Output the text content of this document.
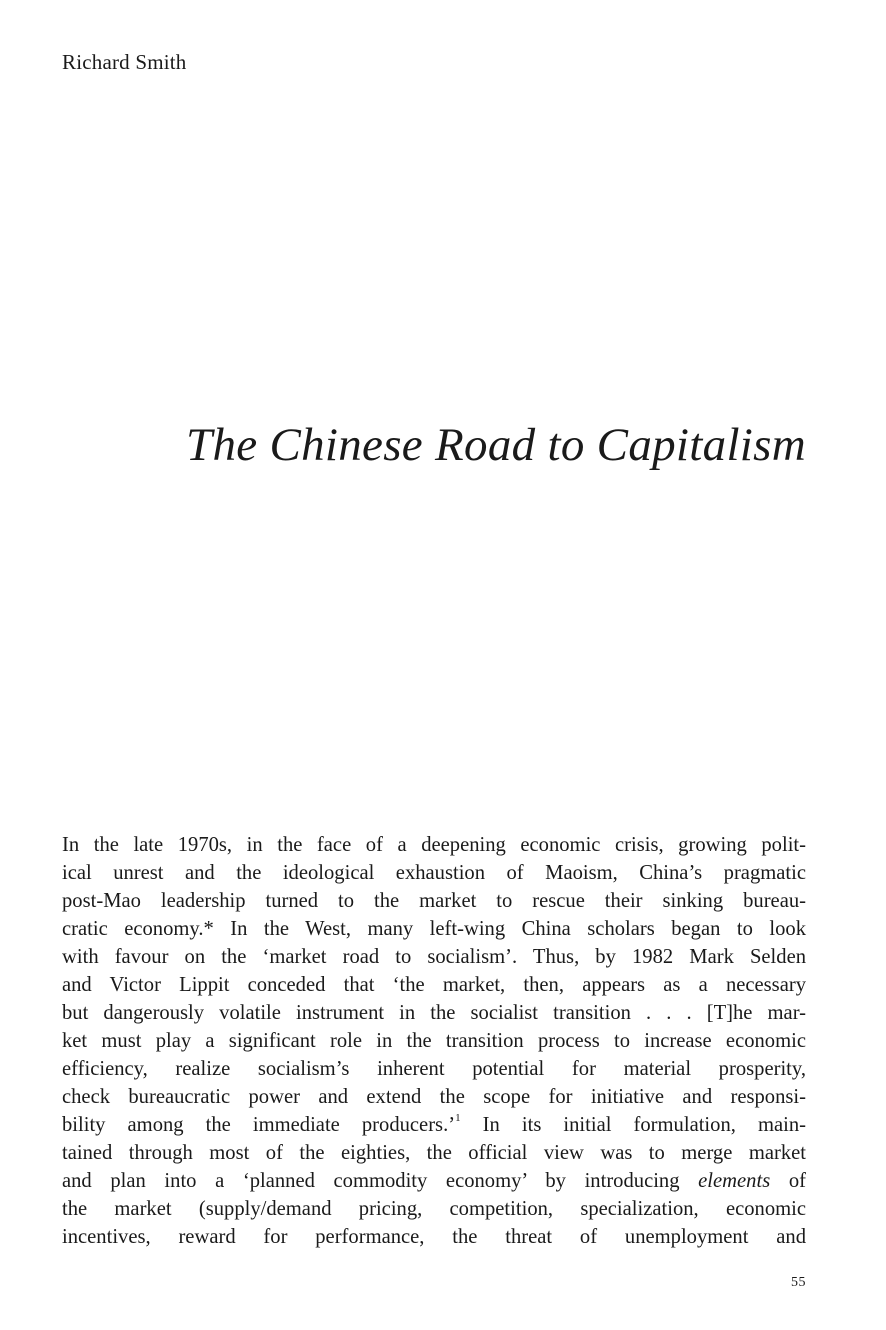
Richard Smith

The Chinese Road to Capitalism
In the late 1970s, in the face of a deepening economic crisis, growing polit-
ical unrest and the ideological exhaustion of Maoism, China’s pragmatic
post-Mao leadership turned to the market to rescue their sinking bureau-
cratic economy.* In the West, many left-wing China scholars began to look
with favour on the ‘market road to socialism’. Thus, by 1982 Mark Selden
and Victor Lippit conceded that ‘the market, then, appears as a necessary
but dangerously volatile instrument in the socialist transition . . . [T]he mar-
ket must play a significant role in the transition process to increase economic
efficiency, realize socialism’s inherent potential for material prosperity,
check bureaucratic power and extend the scope for initiative and responsi-
bility among the immediate producers.’$^1$ In its initial formulation, main-
tained through most of the eighties, the official view was to merge market
and plan into a ‘planned commodity economy’ by introducing elements of
the market (supply/demand pricing, competition, specialization, economic
incentives, reward for performance, the threat of unemployment and

55
